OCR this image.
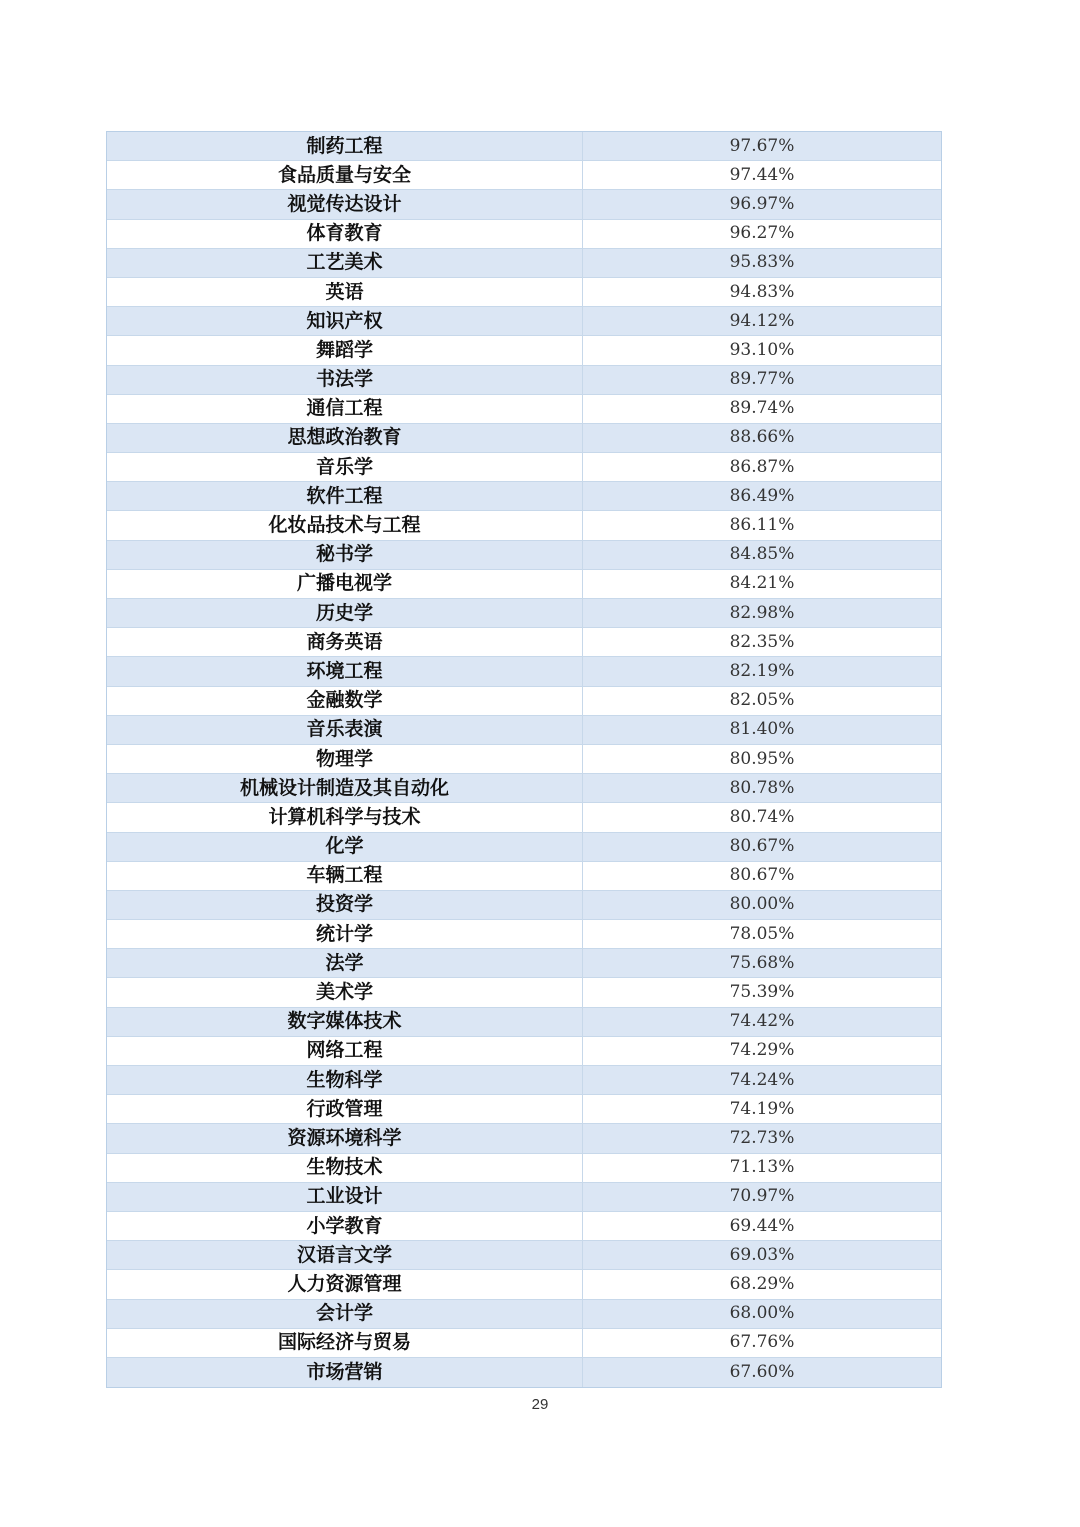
制药工程	97.67%
食品质量与安全	97.44%
视觉传达设计	96.97%
体育教育	96.27%
工艺美术	95.83%
英语	94.83%
知识产权	94.12%
舞蹈学	93.10%
书法学	89.77%
通信工程	89.74%
思想政治教育	88.66%
音乐学	86.87%
软件工程	86.49%
化妆品技术与工程	86.11%
秘书学	84.85%
广播电视学	84.21%
历史学	82.98%
商务英语	82.35%
环境工程	82.19%
金融数学	82.05%
音乐表演	81.40%
物理学	80.95%
机械设计制造及其自动化	80.78%
计算机科学与技术	80.74%
化学	80.67%
车辆工程	80.67%
投资学	80.00%
统计学	78.05%
法学	75.68%
美术学	75.39%
数字媒体技术	74.42%
网络工程	74.29%
生物科学	74.24%
行政管理	74.19%
资源环境科学	72.73%
生物技术	71.13%
工业设计	70.97%
小学教育	69.44%
汉语言文学	69.03%
人力资源管理	68.29%
会计学	68.00%
国际经济与贸易	67.76%
市场营销	67.60%
29
